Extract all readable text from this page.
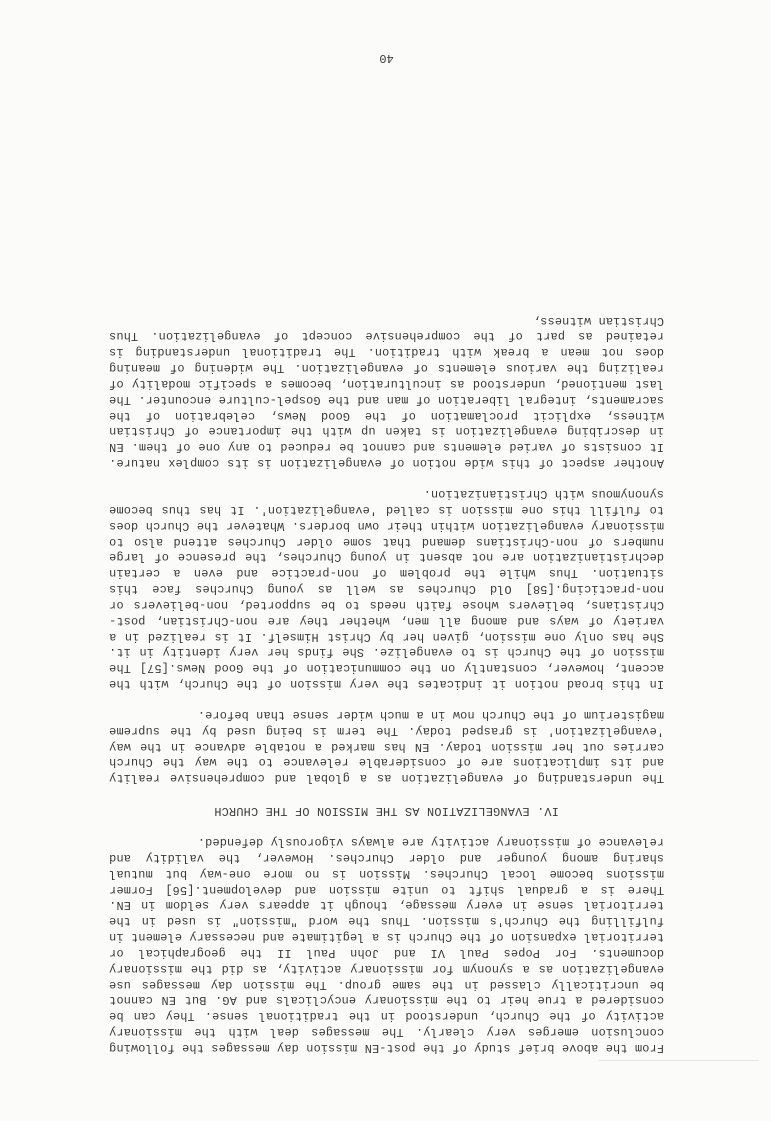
From the above brief study of the post-EN mission day messages the following conclusion emerges very clearly. The messages deal with the missionary activity of the Church, understood in the traditional sense. They can be considered a true heir to the missionary encyclicals and AG. But EN cannot be uncritically classed in the same group. The mission day messages use evangelization as a synonym for missionary activity, as did the missionary documents. For Popes Paul VI and John Paul II the geographical or territorial expansion of the Church is a legitimate and necessary element in fulfilling the Church's mission. Thus the word "mission" is used in the territorial sense in every message, though it appears very seldom in EN. There is a gradual shift to unite mission and development.[56] Former missions become local Churches. Mission is no more one-way but mutual sharing among younger and older Churches. However, the validity and relevance of missionary activity are always vigorously defended.

IV. EVANGELIZATION AS THE MISSION OF THE CHURCH

The understanding of evangelization as a global and comprehensive reality and its implications are of considerable relevance to the way the Church carries out her mission today. EN has marked a notable advance in the way 'evangelization' is grasped today. The term is being used by the supreme magisterium of the Church now in a much wider sense than before.

In this broad notion it indicates the very mission of the Church, with the accent, however, constantly on the communication of the Good News.[57] The mission of the Church is to evangelize. She finds her very identity in it. She has only one mission, given her by Christ Himself. It is realized in a variety of ways and among all men, whether they are non-Christian, post-Christians, believers whose faith needs to be supported, non-believers or non-practicing.[58] Old Churches as well as young Churches face this situation. Thus while the problem of non-practice and even a certain dechristianization are not absent in young Churches, the presence of large numbers of non-Christians demand that some older Churches attend also to missionary evangelization within their own borders. Whatever the Church does to fulfill this one mission is called 'evangelization'. It has thus become synonymous with Christianization.

Another aspect of this wide notion of evangelization is its complex nature. It consists of varied elements and cannot be reduced to any one of them. EN in describing evangelization is taken up with the importance of Christian witness, explicit proclamation of the Good News, celebration of the sacraments, integral liberation of man and the Gospel-culture encounter. The last mentioned, understood as inculturation, becomes a specific modality of realizing the various elements of evangelization. The widening of meaning does not mean a break with tradition. The traditional understanding is retained as part of the comprehensive concept of evangelization. Thus Christian witness,

40
